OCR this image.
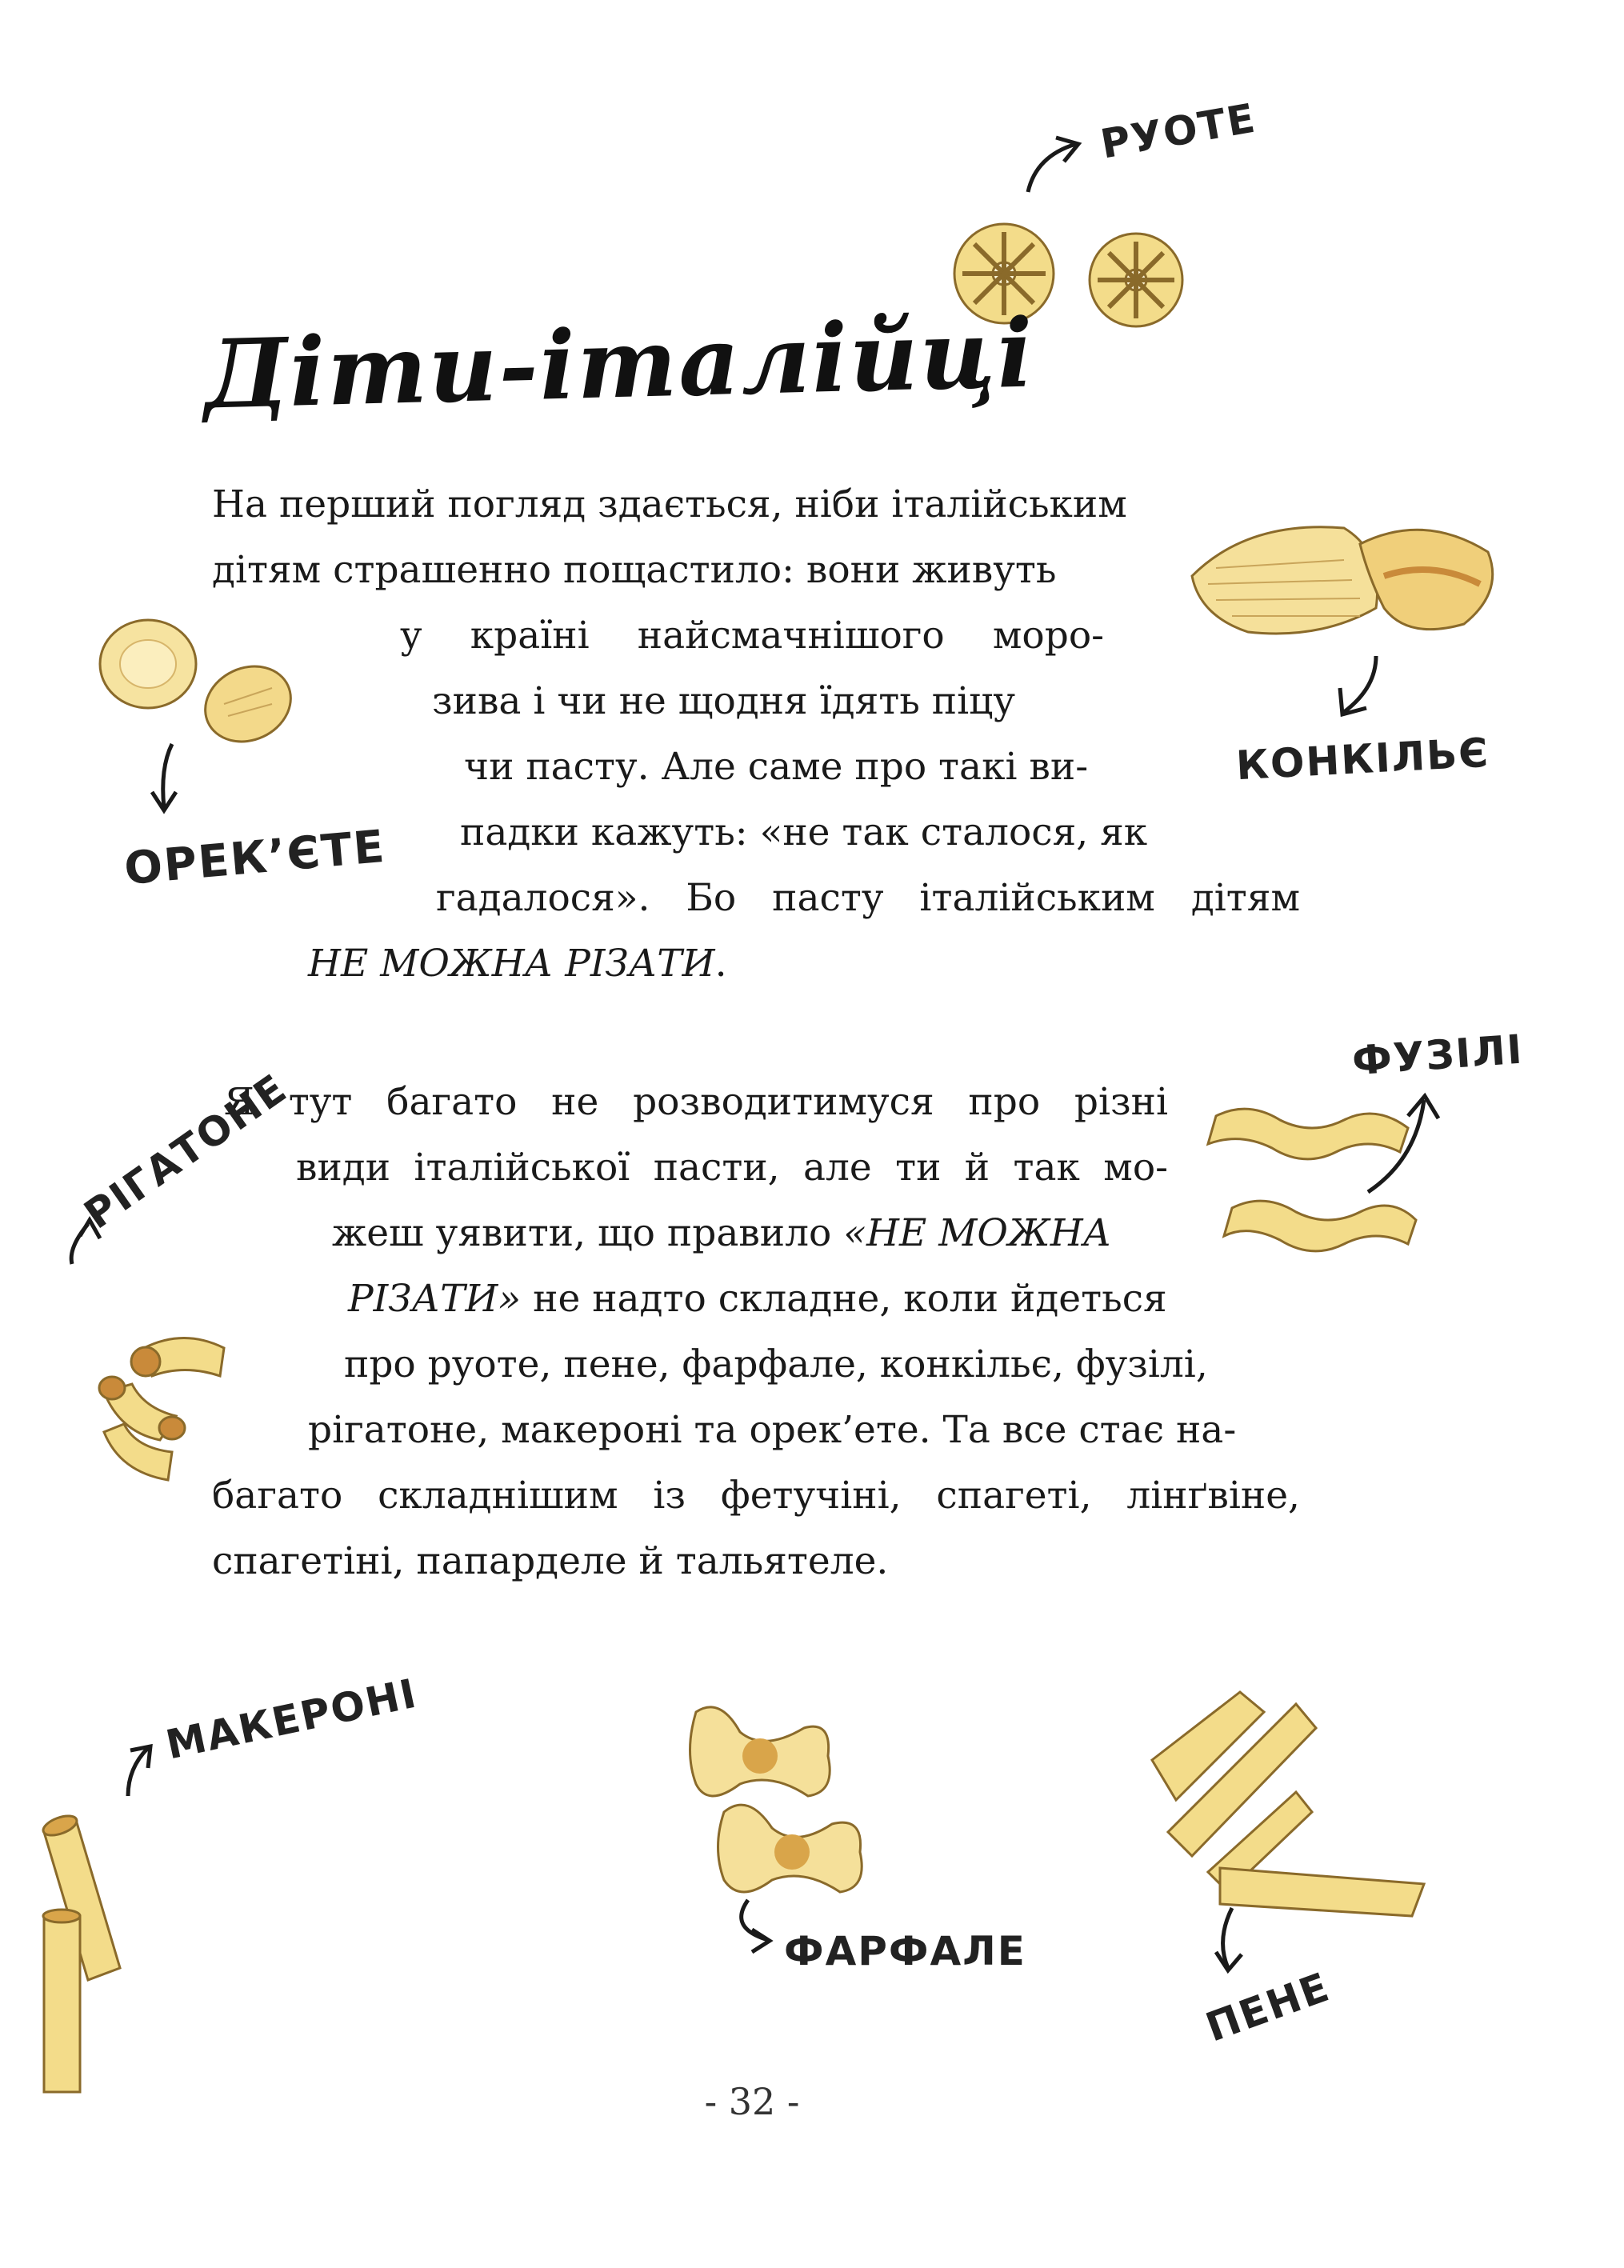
Діти-італійці
На перший погляд здається, ніби італійським
дітям страшенно пощастило: вони живуть
у країні найсмачнішого моро-
зива і чи не щодня їдять піцу
чи пасту. Але саме про такі ви-
падки кажуть: «не так сталося, як
гадалося». Бо пасту італійським дітям
НЕ МОЖНА РІЗАТИ.
Я тут багато не розводитимуся про різні
види італійської пасти, але ти й так мо-
жеш уявити, що правило «НЕ МОЖНА
РІЗАТИ» не надто складне, коли йдеться
про руоте, пене, фарфале, конкільє, фузілі,
рігатоне, макероні та орек’ете. Та все стає на-
багато складнішим із фетучіні, спагеті, лінґвіне,
спагетіні, папарделе й тальятеле.
РУОТЕ
КОНКІЛЬЄ
ОРЕК’ЄТЕ
ФУЗІЛІ
РІГАТОНЕ
МАКЕРОНІ
ФАРФАЛЕ
ПЕНЕ
- 32 -
